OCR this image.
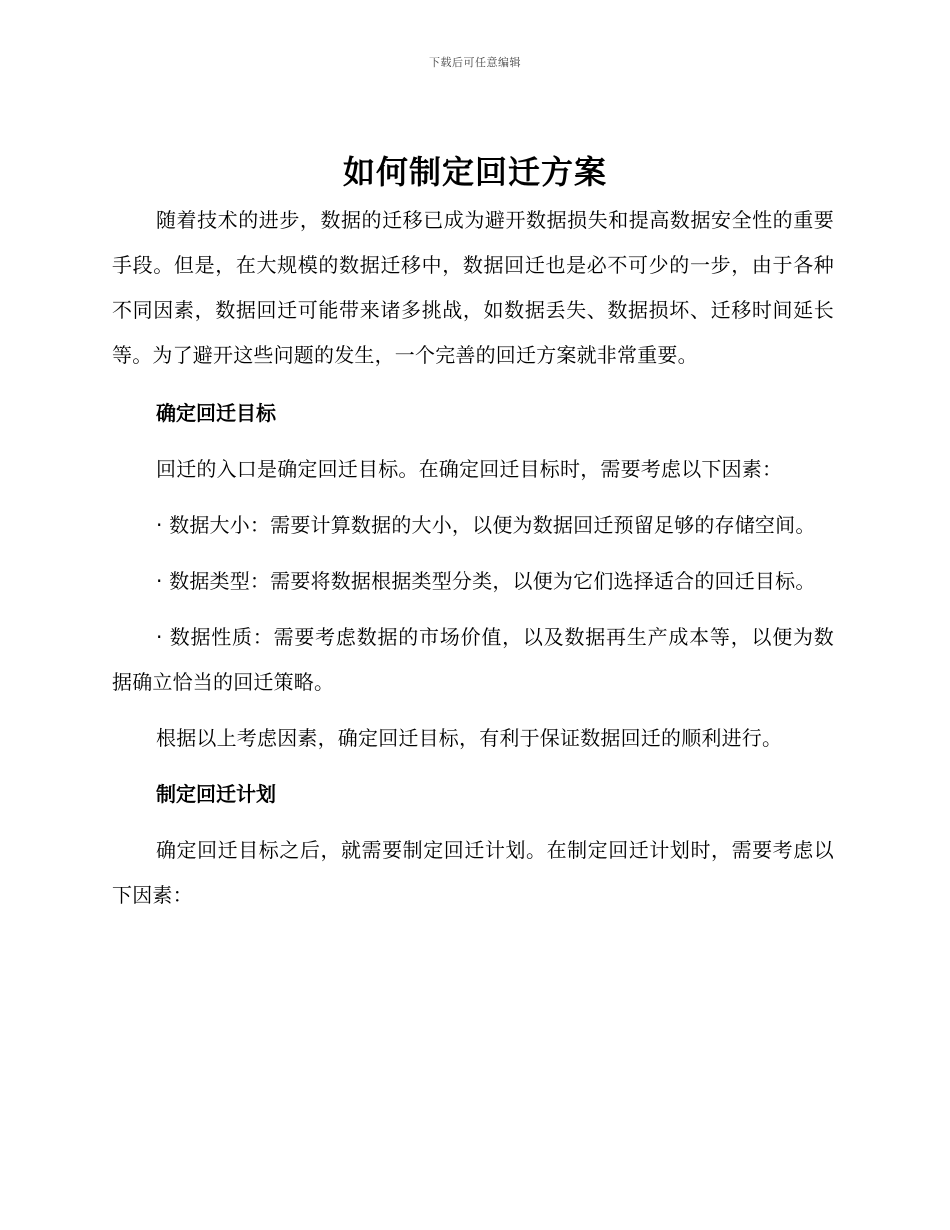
下载后可任意编辑
如何制定回迁方案

随着技术的进步，数据的迁移已成为避开数据损失和提高数据安全性的重要手段。但是，在大规模的数据迁移中，数据回迁也是必不可少的一步，由于各种不同因素，数据回迁可能带来诸多挑战，如数据丢失、数据损坏、迁移时间延长等。为了避开这些问题的发生，一个完善的回迁方案就非常重要。

确定回迁目标

回迁的入口是确定回迁目标。在确定回迁目标时，需要考虑以下因素：

· 数据大小：需要计算数据的大小，以便为数据回迁预留足够的存储空间。

· 数据类型：需要将数据根据类型分类，以便为它们选择适合的回迁目标。

· 数据性质：需要考虑数据的市场价值，以及数据再生产成本等，以便为数据确立恰当的回迁策略。

根据以上考虑因素，确定回迁目标，有利于保证数据回迁的顺利进行。

制定回迁计划

确定回迁目标之后，就需要制定回迁计划。在制定回迁计划时，需要考虑以下因素：
